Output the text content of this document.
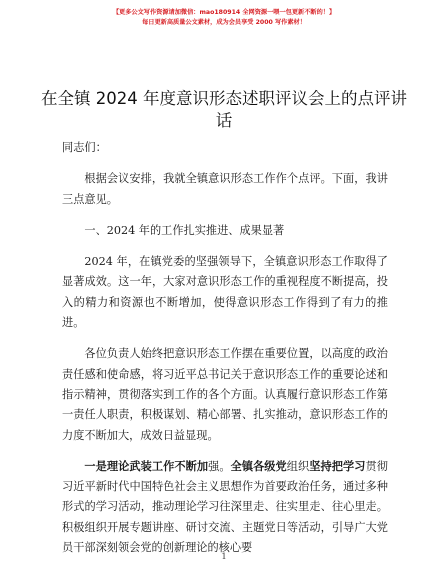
【更多公文写作资源请加微信：mao180914 全网资源一喂一包更新不断的！】
每日更新高质量公文素材，成为会员享受 2000 写作素材！
在全镇 2024 年度意识形态述职评议会上的点评讲话

同志们：

根据会议安排，我就全镇意识形态工作作个点评。下面，我讲三点意见。

一、2024 年的工作扎实推进、成果显著

2024 年，在镇党委的坚强领导下，全镇意识形态工作取得了显著成效。这一年，大家对意识形态工作的重视程度不断提高，投入的精力和资源也不断增加，使得意识形态工作得到了有力的推进。

各位负责人始终把意识形态工作摆在重要位置，以高度的政治责任感和使命感，将习近平总书记关于意识形态工作的重要论述和指示精神，贯彻落实到工作的各个方面。认真履行意识形态工作第一责任人职责，积极谋划、精心部署、扎实推动，意识形态工作的力度不断加大，成效日益显现。

一是理论武装工作不断加强。全镇各级党组织坚持把学习贯彻习近平新时代中国特色社会主义思想作为首要政治任务，通过多种形式的学习活动，推动理论学习往深里走、往实里走、往心里走。积极组织开展专题讲座、研讨交流、主题党日等活动，引导广大党员干部深刻领会党的创新理论的核心要

1
